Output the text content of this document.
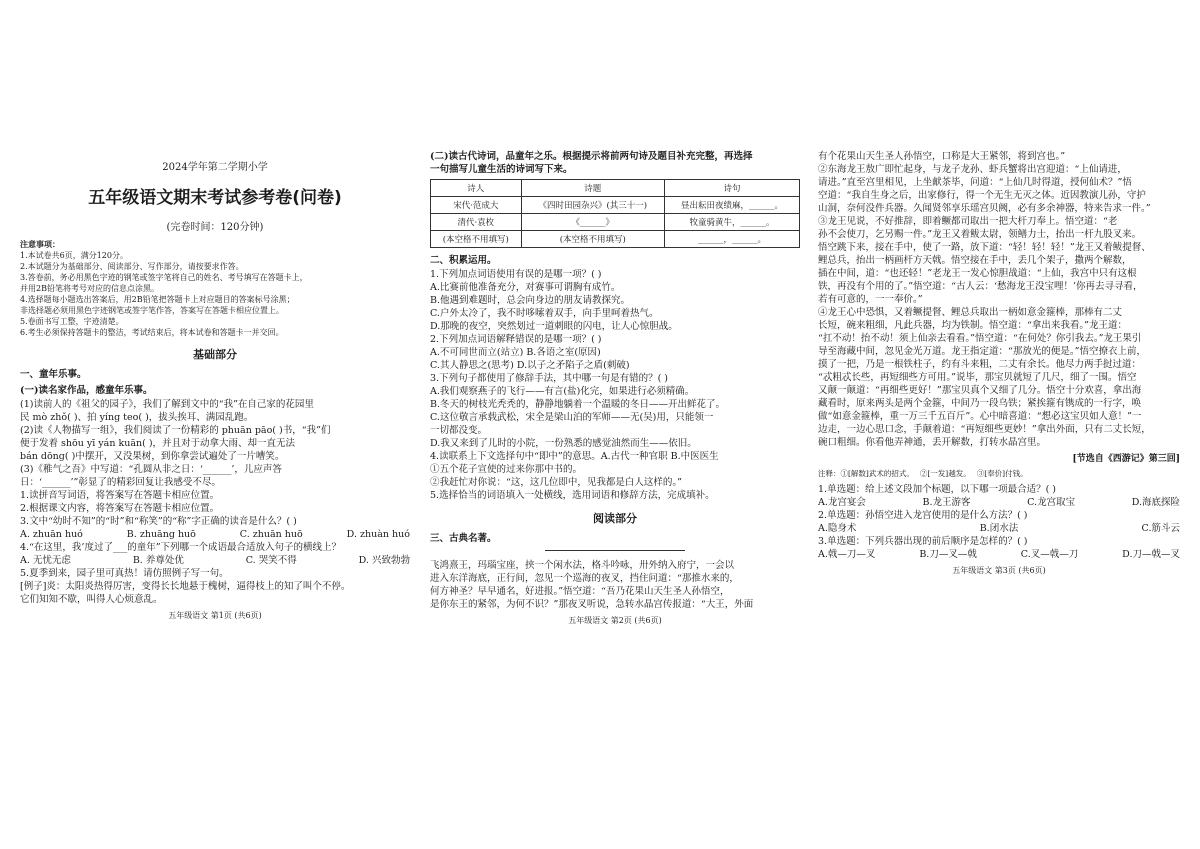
2024学年第二学期小学

五年级语文期末考试参考卷(问卷)

(完卷时间：120分钟)

注意事项：

1.本试卷共6页，满分120分。

2.本试题分为基础部分、阅读部分、写作部分，请按要求作答。

3.答卷前，务必用黑色字迹的钢笔或签字笔将自己的姓名、考号填写在答题卡上，

并用2B铅笔将考号对应的信息点涂黑。

4.选择题每小题选出答案后，用2B铅笔把答题卡上对应题目的答案标号涂黑；

非选择题必须用黑色字迹钢笔或签字笔作答，答案写在答题卡相应位置上。

5.卷面书写工整，字迹清楚。

6.考生必须保持答题卡的整洁，考试结束后，将本试卷和答题卡一并交回。

基础部分

一、童年乐事。

(一)读名家作品，感童年乐事。

(1)读前人的《祖父的园子》，我们了解到文中的“我”在自己家的花园里

民 mò zhǒ( )、拍 yíng teo( )，拔头挨耳、满园乱跑。

(2)读《人物描写一组》，我们阅读了一份精彩的 phuān pāo( )书，“我”们

便于发着 shōu yī yán kuān( )，并且对于动拿大雨、却一直无法

bán dōng( )中摆开，又没果树，到你拿尝试遍处了一片嘈笑。

(3)《稚气之吾》中写道：“孔圆从非之日：‘______’，儿应声答

日：‘______’”彰显了的精彩回复让我感受不尽。

1.读拼音写词语，将答案写在答题卡相应位置。

2.根据课文内容，将答案写在答题卡相应位置。

3.文中“幼时不知”的“时”和“称笑”的“称”字正确的读音是什么？( )

A. zhuān huó	B. zhuāng huō	C. zhuān huō	D. zhuàn huó

4.“在这里，我’度过了___的童年”下列哪一个成语最合适放入句子的横线上？

A. 无忧无虑	B. 养尊处优	C. 哭笑不得	D. 兴致勃勃

5.夏季到来，园子里可真热！请仿照例子写一句。

[例子]炎：太阳炎热得厉害，变得长长地悬于槐树，逼得枝上的知了叫个不停。

它们知知不歇，叫得人心烦意乱。

五年级语文 第1页 (共6页)

(二)读古代诗词，品童年之乐。根据提示将前两句诗及题目补充完整，再选择

一句描写儿童生活的诗词写下来。

诗人	诗题	诗句
宋代·范成大	《四时田园杂兴》(其三十一)	昼出耘田夜绩麻，______。
清代·袁枚	《______》	牧童骑黄牛，______。
(本空格不用填写)	(本空格不用填写)	______，______。

二、积累运用。

1.下列加点词语使用有误的是哪一项？( )

A.比赛前他准备充分，对赛事可谓胸有成竹。

B.他遇到难题时，总会向身边的朋友请教探究。

C.户外太冷了，我不时哆嗦着双手，向手里呵着热气。

D.那晚的夜空，突然划过一道刺眼的闪电，让人心惊胆战。

2.下列加点词语解释错误的是哪一项？( )

A.不可同世而立(站立) B.各语之室(原因)

C.其人静思之(思考) D.以子之矛陷子之盾(刺破)

3.下列句子都使用了修辞手法，其中哪一句是有错的？( )

A.我们观察燕子的飞行——有言(盐)化完，如果进行必须精确。

B.冬天的树枝光秃秃的，静静地躺着一个温暖的冬日——开出鲜花了。

C.这位敬言承载武松，宋全是梁山泊的军师——无(吴)用，只能领一

一切都没变。

D.我又来到了儿时的小院，一份熟悉的感觉油然而生——依旧。

4.读联系上下文选择句中“即中”的意思。A.古代一种官职 B.中医医生

①五个花子宣使的过来你那中书的。

②我赶忙对你说：“这，这几位即中，见我都是白人这样的。”

5.选择恰当的词语填入一处横线，选用词语和修辞方法，完成填补。

阅读部分

三、古典名著。

飞鸿熹王，玛瑙宝座，挟一个闲水法，格斗吟咏，卅外纳入府宁，一会以

进入东洋海底，正行间，忽见一个巡海的夜叉，挡住问道：“那推水来的，

何方神圣？早早通名，好进报。”悟空道：“吾乃花果山天生圣人孙悟空，

是你东王的紧邻，为何不识？”那夜叉听说，急转水晶宫传报道：“大王，外面

五年级语文 第2页 (共6页)

有个花果山天生圣人孙悟空，口称是大王紧邻，将到宫也。”

②东海龙王敖广即忙起身，与龙子龙孙、虾兵蟹将出宫迎道：“上仙请进，

请进。”直至宫里相见，上坐献茶毕，问道：“上仙几时得道，授何仙术？”悟

空道：“我自生身之后，出家修行，得一个无生无灭之体。近因教演儿孙，守护

山洞，奈何没件兵器。久闻贤邻享乐瑶宫贝阙，必有多余神器，特来告求一件。”

③龙王见说，不好推辞，即着鳜都司取出一把大杆刀奉上。悟空道：“老

孙不会使刀，乞另赐一件。”龙王又着鲅太尉，领鳝力士，抬出一杆九股叉来。

悟空跳下来，接在手中，使了一路，放下道：“轻！轻！轻！”龙王又着鲅提督、

鲤总兵，抬出一柄画杆方天戟。悟空接在手中，丢几个架子，撒两个解数，

插在中间，道：“也还轻！”老龙王一发心惊胆战道：“上仙，我宫中只有这根

铁，再没有个用的了。”悟空道：“古人云：‘愁海龙王没宝哩！’你再去寻寻看，

若有可意的，一一奉价。”

④龙王心中恐惧，又着鳜提督、鲤总兵取出一柄如意金箍棒，那棒有二丈

长短，碗来粗细，凡此兵器，均为铁制。悟空道：“拿出来我看。”龙王道：

“扛不动！抬不动！须上仙亲去看看。”悟空道：“在何处？你引我去。”龙王果引

导至海藏中间，忽见金光万道。龙王指定道：“那放光的便是。”悟空撩衣上前，

摸了一把，乃是一根铁柱子，约有斗来粗，二丈有余长。他尽力两手挝过道：

“忒粗忒长些，再短细些方可用。”说毕，那宝贝就短了几尺，细了一围。悟空

又颠一颠道：“再细些更好！”那宝贝真个又细了几分。悟空十分欢喜，拿出海

藏看时，原来两头是两个金箍，中间乃一段乌铁；紧挨箍有镌成的一行字，唤

做“如意金箍棒，重一万三千五百斤”。心中暗喜道：“想必这宝贝如人意！”一

边走，一边心思口念，手颠着道：“再短细些更妙！”拿出外面，只有二丈长短，

碗口粗细。你看他弄神通，丢开解数，打转水晶宫里。

[节选自《西游记》第三回]

注释：①[解数]武术的招式。 ②[一发]越发。 ③[奉价]付钱。

1.单选题：给上述文段加个标题，以下哪一项最合适？( )

A.龙宫宴会	B.龙王游客	C.龙宫取宝	D.海底探险

2.单选题：孙悟空进入龙宫使用的是什么方法？( )

A.隐身术	B.闭水法	C.筋斗云

3.单选题：下列兵器出现的前后顺序是怎样的？( )

A.戟—刀—叉	B.刀—叉—戟	C.叉—戟—刀	D.刀—戟—叉

五年级语文 第3页 (共6页)
